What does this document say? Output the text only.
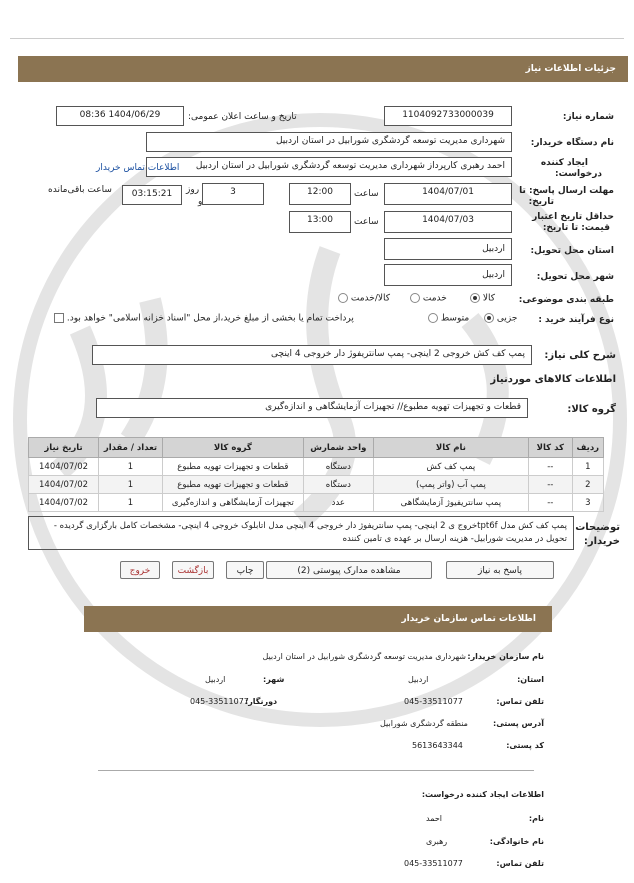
جزئیات اطلاعات نیاز
شماره نیاز:
1104092733000039
تاریخ و ساعت اعلان عمومی:
1404/06/29 08:36
نام دستگاه خریدار:
شهرداری مدیریت توسعه گردشگری شورابیل در استان اردبیل
ایجاد کننده
درخواست:
احمد رهبری کارپرداز شهرداری مدیریت توسعه گردشگری شورابیل در استان اردبیل
اطلاعات تماس خریدار
مهلت ارسال پاسخ: تا
تاریخ:
1404/07/01
ساعت
12:00
3
روز
و
03:15:21
ساعت باقی‌مانده
حداقل تاریخ اعتبار
قیمت: تا تاریخ:
1404/07/03
ساعت
13:00
استان محل تحویل:
اردبیل
شهر محل تحویل:
اردبیل
طبقه بندی موضوعی:
کالا
خدمت
کالا/خدمت
نوع فرآیند خرید :
جزیی
متوسط
پرداخت تمام یا بخشی از مبلغ خرید،از محل "اسناد خزانه اسلامی" خواهد بود.
شرح کلی نیاز:
پمپ کف کش خروجی 2 اینچی- پمپ سانتریفوژ دار خروجی 4 اینچی
اطلاعات کالاهای موردنیاز
گروه کالا:
قطعات و تجهیزات تهویه مطبوع// تجهیزات آزمایشگاهی و اندازه‌گیری
ردیف	کد کالا	نام کالا	واحد شمارش	گروه کالا	تعداد / مقدار	تاریخ نیاز
1	--	پمپ کف کش	دستگاه	قطعات و تجهیزات تهویه مطبوع	1	1404/07/02
2	--	پمپ آب (واتر پمپ)	دستگاه	قطعات و تجهیزات تهویه مطبوع	1	1404/07/02
3	--	پمپ سانتریفیوژ آزمایشگاهی	عدد	تجهیزات آزمایشگاهی و اندازه‌گیری	1	1404/07/02
توضیحات
خریدار:
پمپ کف کش مدل tpt6fخروج ی 2 اینچی- پمپ سانتریفوژ دار خروجی 4 اینچی مدل اتابلوک خروجی 4 اینچی- مشخصات کامل بارگزاری گردیده - تحویل در مدیریت شورابیل- هزینه ارسال بر عهده ی تامین کننده
پاسخ به نیاز
مشاهده مدارک پیوستی (2)
چاپ
بازگشت
خروج
اطلاعات تماس سازمان خریدار
نام سازمان خریدار:
شهرداری مدیریت توسعه گردشگری شورابیل در استان اردبیل
استان:
اردبیل
شهر:
اردبیل
تلفن تماس:
045-33511077
دورنگار:
045-33511077
آدرس پستی:
منطقه گردشگری شورابیل
کد پستی:
5613643344
اطلاعات ایجاد کننده درخواست:
نام:
احمد
نام خانوادگی:
رهبری
تلفن تماس:
045-33511077
